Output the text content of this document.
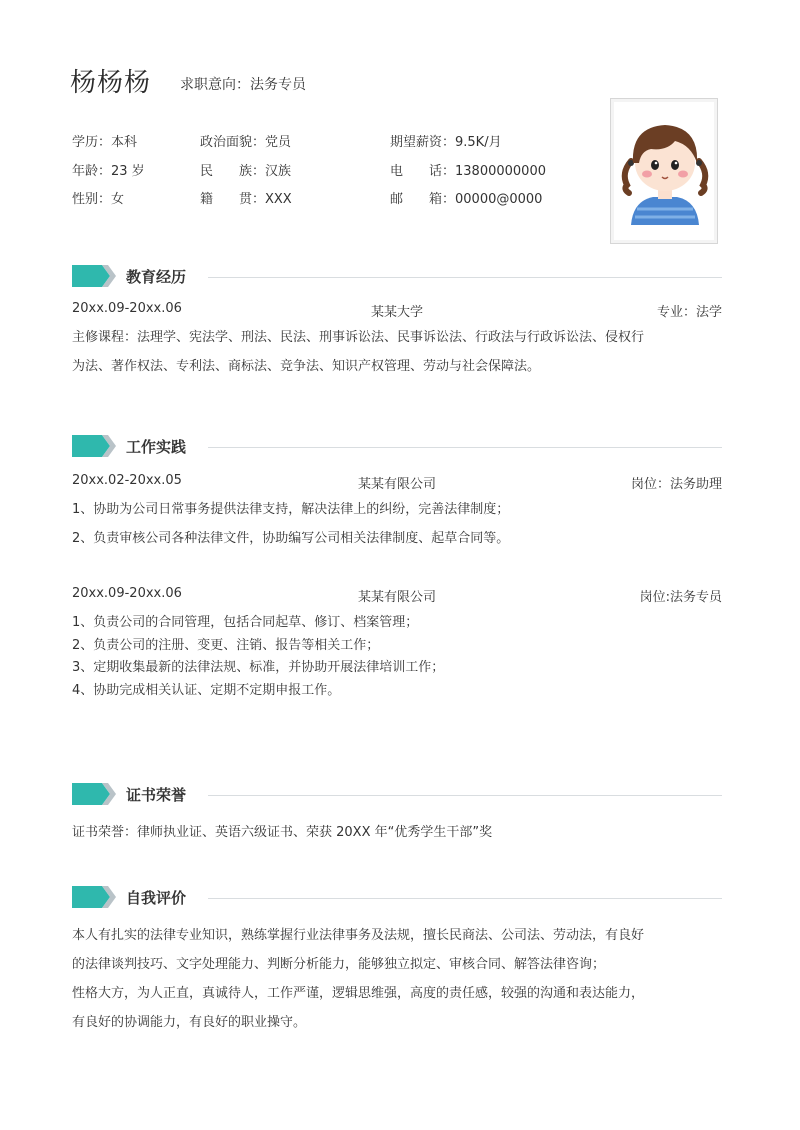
杨杨杨 求职意向：法务专员
学历：本科	政治面貌：党员	期望薪资：9.5K/月
年龄：23 岁	民　　族：汉族	电　　话：13800000000
性别：女	籍　　贯：XXX	邮　　箱：00000@0000
教育经历
20xx.09-20xx.06	某某大学	专业：法学
主修课程：法理学、宪法学、刑法、民法、刑事诉讼法、民事诉讼法、行政法与行政诉讼法、侵权行
为法、著作权法、专利法、商标法、竞争法、知识产权管理、劳动与社会保障法。
工作实践
20xx.02-20xx.05	某某有限公司	岗位：法务助理
1、协助为公司日常事务提供法律支持，解决法律上的纠纷，完善法律制度；
2、负责审核公司各种法律文件，协助编写公司相关法律制度、起草合同等。
20xx.09-20xx.06	某某有限公司	岗位:法务专员
1、负责公司的合同管理，包括合同起草、修订、档案管理；
2、负责公司的注册、变更、注销、报告等相关工作；
3、定期收集最新的法律法规、标准，并协助开展法律培训工作；
4、协助完成相关认证、定期不定期申报工作。
证书荣誉
证书荣誉：律师执业证、英语六级证书、荣获 20XX 年“优秀学生干部”奖
自我评价
本人有扎实的法律专业知识，熟练掌握行业法律事务及法规，擅长民商法、公司法、劳动法，有良好
的法律谈判技巧、文字处理能力、判断分析能力，能够独立拟定、审核合同、解答法律咨询；
性格大方，为人正直，真诚待人，工作严谨，逻辑思维强，高度的责任感，较强的沟通和表达能力，
有良好的协调能力，有良好的职业操守。
